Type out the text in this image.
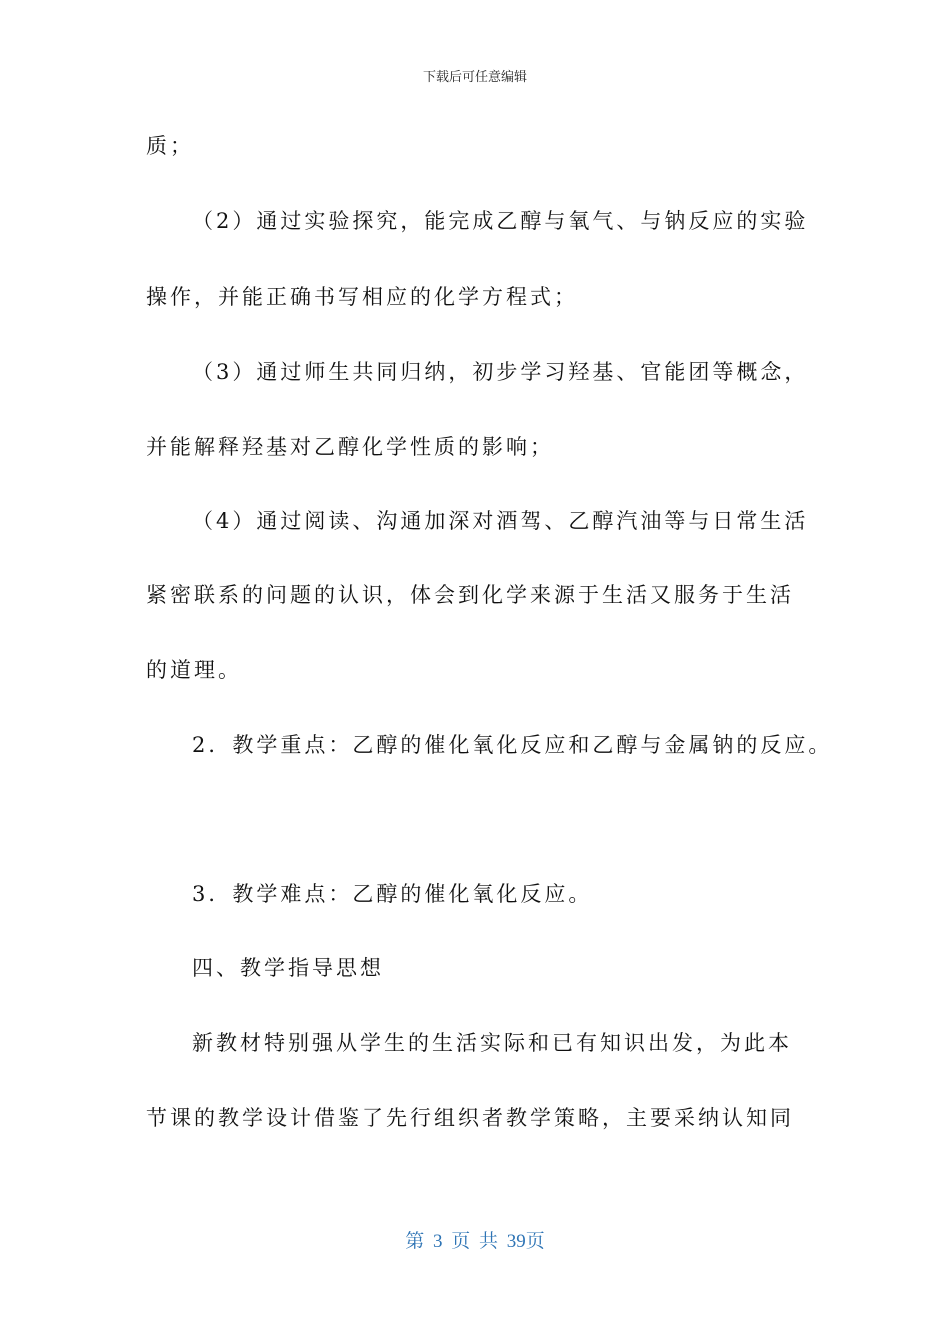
下载后可任意编辑
质；
（2）通过实验探究，能完成乙醇与氧气、与钠反应的实验
操作，并能正确书写相应的化学方程式；
（3）通过师生共同归纳，初步学习羟基、官能团等概念，
并能解释羟基对乙醇化学性质的影响；
（4）通过阅读、沟通加深对酒驾、乙醇汽油等与日常生活
紧密联系的问题的认识，体会到化学来源于生活又服务于生活
的道理。
2．教学重点：乙醇的催化氧化反应和乙醇与金属钠的反应。
3．教学难点：乙醇的催化氧化反应。
四、教学指导思想
新教材特别强从学生的生活实际和已有知识出发，为此本
节课的教学设计借鉴了先行组织者教学策略，主要采纳认知同
第 3 页 共 39页
